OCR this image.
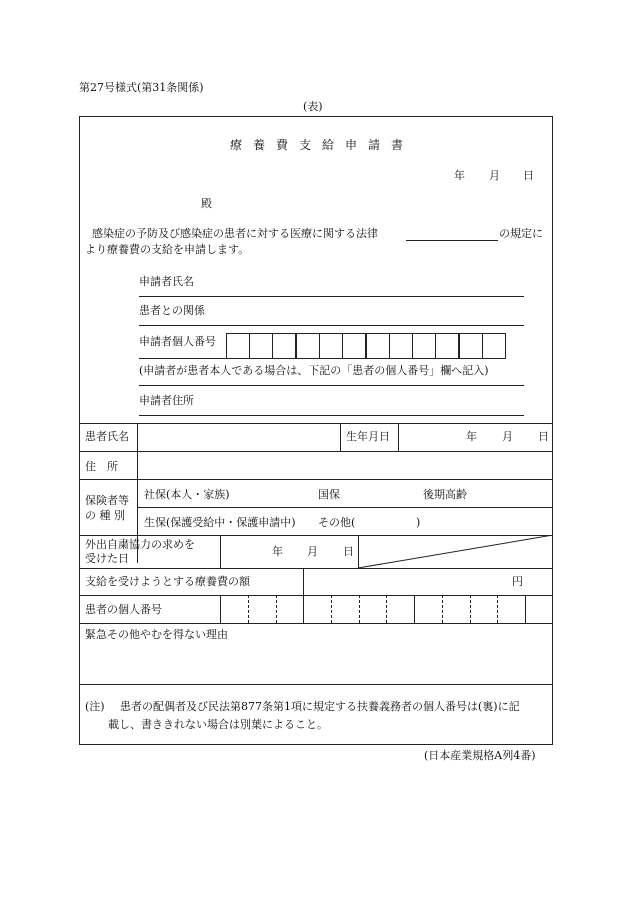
第27号様式(第31条関係)
(表)
療養費支給申請書
年 月 日
殿
感染症の予防及び感染症の患者に対する医療に関する法律	の規定に
より療養費の支給を申請します。
申請者氏名
患者との関係
申請者個人番号
(申請者が患者本人である場合は、下記の「患者の個人番号」欄へ記入)
申請者住所
患者氏名	生年月日	年 月 日
住　所
保険者等
の 種 別
社保(本人・家族)	国保	後期高齢
生保(保護受給中・保護申請中) その他(	)
外出自粛協力の求めを
受けた日
年 月 日
支給を受けようとする療養費の額	円
患者の個人番号
緊急その他やむを得ない理由
(注) 患者の配偶者及び民法第877条第1項に規定する扶養義務者の個人番号は(裏)に記
載し、書ききれない場合は別葉によること。
(日本産業規格A列4番)
